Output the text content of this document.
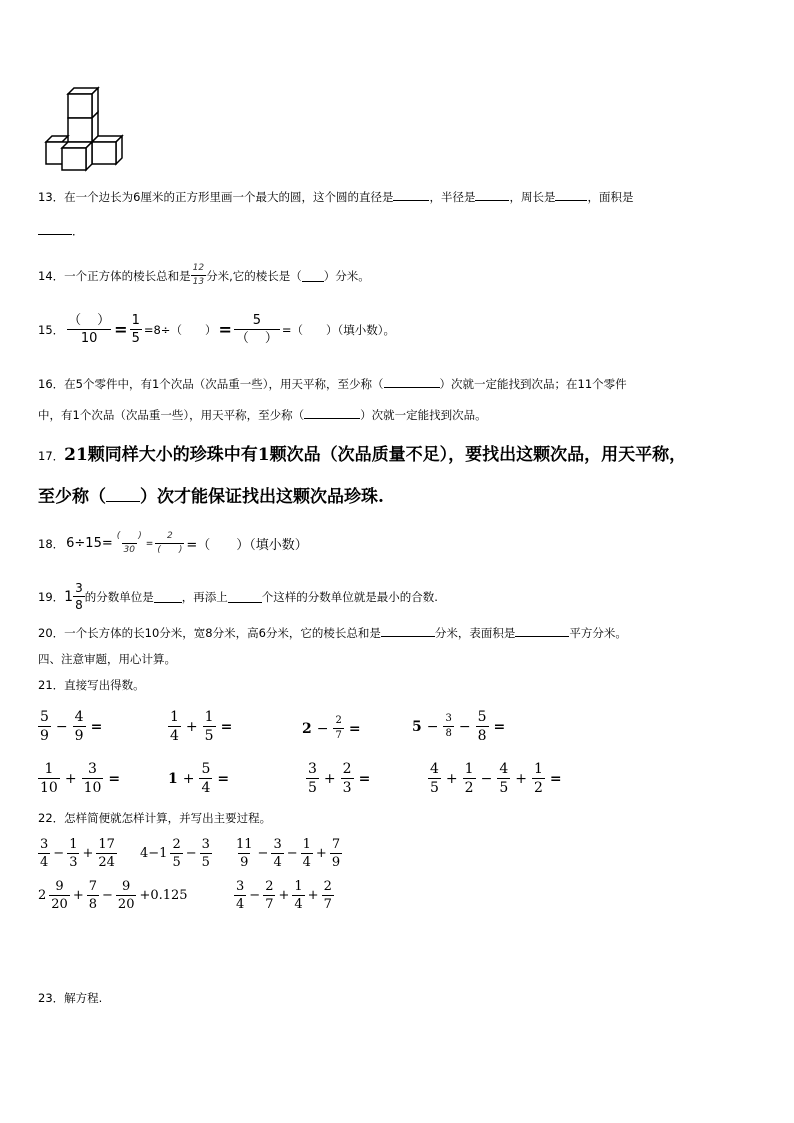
13．在一个边长为6厘米的正方形里画一个最大的圆，这个圆的直径是	，半径是	，周长是	，面积是
．
14． 一个正方体的棱长总和是 $\frac{12}{13}$ 分米,它的棱长是（ ）分米。
15． $\frac{( )}{10} = \frac{1}{5} =8\div$（　　） = $\frac{5}{( )}$ =（　　）（填小数）。
16．在5个零件中，有1个次品（次品重一些），用天平称，至少称（	）次就一定能找到次品；在11个零件
中，有1个次品（次品重一些），用天平称，至少称（	）次就一定能找到次品。
17．21颗同样大小的珍珠中有1颗次品（次品质量不足），要找出这颗次品，用天平称，
至少称（ ）次才能保证找出这颗次品珍珠.
18． $6\div 15= \frac{( )}{30} = \frac{2}{( )}$ =（　　）（填小数）
19． $1 \frac{3}{8}$ 的分数单位是 ，再添上	个这样的分数单位就是最小的合数.
20．一个长方体的长10分米，宽8分米，高6分米，它的棱长总和是	分米，表面积是	平方分米。
四、注意审题，用心计算。
21．直接写出得数。
$\frac{5}{9} - \frac{4}{9}$ =	$\frac{1}{4} + \frac{1}{5}$ =	$2 - \frac{2}{7}$ =	$5 - \frac{3}{8} - \frac{5}{8}$ =
$\frac{1}{10} + \frac{3}{10}$ =	$1 + \frac{5}{4}$ =	$\frac{3}{5} + \frac{2}{3}$ =	$\frac{4}{5} + \frac{1}{2} - \frac{4}{5} + \frac{1}{2}$ =
22．怎样简便就怎样计算，并写出主要过程。
$\frac{3}{4} - \frac{1}{3} + \frac{17}{24} 4-1 \frac{2}{5} - \frac{3}{5} \frac{11}{9} - \frac{3}{4} - \frac{1}{4} + \frac{7}{9}$
$2 \frac{9}{20} + \frac{7}{8} - \frac{9}{20} +0.125$	$\frac{3}{4} - \frac{2}{7} + \frac{1}{4} + \frac{2}{7}$
23．解方程.
